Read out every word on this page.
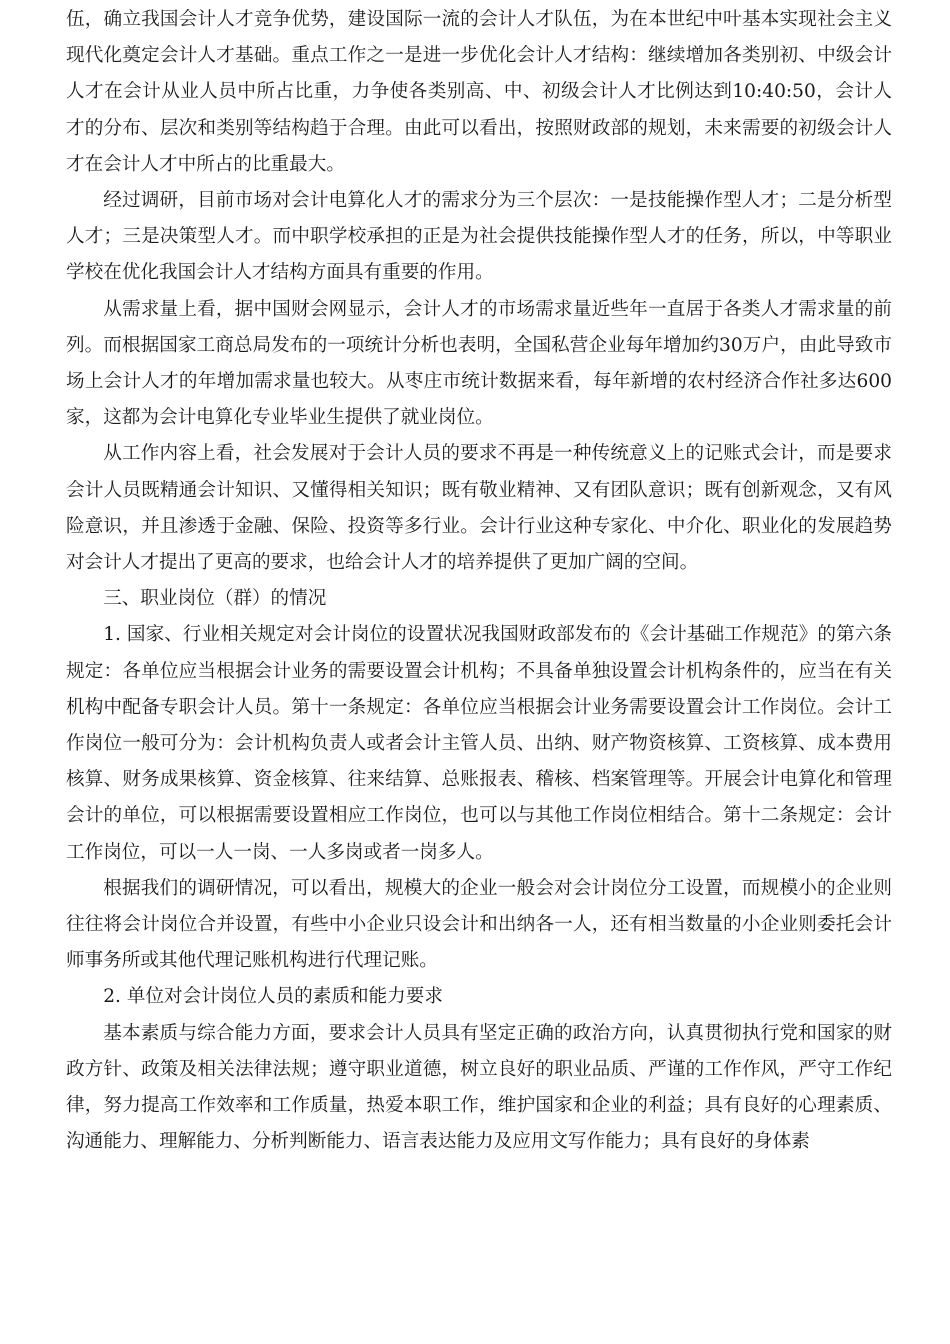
伍，确立我国会计人才竞争优势，建设国际一流的会计人才队伍，为在本世纪中叶基本实现社会主义现代化奠定会计人才基础。重点工作之一是进一步优化会计人才结构：继续增加各类别初、中级会计人才在会计从业人员中所占比重，力争使各类别高、中、初级会计人才比例达到10:40:50，会计人才的分布、层次和类别等结构趋于合理。由此可以看出，按照财政部的规划，未来需要的初级会计人才在会计人才中所占的比重最大。

经过调研，目前市场对会计电算化人才的需求分为三个层次：一是技能操作型人才；二是分析型人才；三是决策型人才。而中职学校承担的正是为社会提供技能操作型人才的任务，所以，中等职业学校在优化我国会计人才结构方面具有重要的作用。

从需求量上看，据中国财会网显示，会计人才的市场需求量近些年一直居于各类人才需求量的前列。而根据国家工商总局发布的一项统计分析也表明，全国私营企业每年增加约30万户，由此导致市场上会计人才的年增加需求量也较大。从枣庄市统计数据来看，每年新增的农村经济合作社多达600家，这都为会计电算化专业毕业生提供了就业岗位。

从工作内容上看，社会发展对于会计人员的要求不再是一种传统意义上的记账式会计，而是要求会计人员既精通会计知识、又懂得相关知识；既有敬业精神、又有团队意识；既有创新观念，又有风险意识，并且渗透于金融、保险、投资等多行业。会计行业这种专家化、中介化、职业化的发展趋势对会计人才提出了更高的要求，也给会计人才的培养提供了更加广阔的空间。

三、职业岗位（群）的情况

1. 国家、行业相关规定对会计岗位的设置状况我国财政部发布的《会计基础工作规范》的第六条规定：各单位应当根据会计业务的需要设置会计机构；不具备单独设置会计机构条件的，应当在有关机构中配备专职会计人员。第十一条规定：各单位应当根据会计业务需要设置会计工作岗位。会计工作岗位一般可分为：会计机构负责人或者会计主管人员、出纳、财产物资核算、工资核算、成本费用核算、财务成果核算、资金核算、往来结算、总账报表、稽核、档案管理等。开展会计电算化和管理会计的单位，可以根据需要设置相应工作岗位，也可以与其他工作岗位相结合。第十二条规定：会计工作岗位，可以一人一岗、一人多岗或者一岗多人。

根据我们的调研情况，可以看出，规模大的企业一般会对会计岗位分工设置，而规模小的企业则往往将会计岗位合并设置，有些中小企业只设会计和出纳各一人，还有相当数量的小企业则委托会计师事务所或其他代理记账机构进行代理记账。

2. 单位对会计岗位人员的素质和能力要求

基本素质与综合能力方面，要求会计人员具有坚定正确的政治方向，认真贯彻执行党和国家的财政方针、政策及相关法律法规；遵守职业道德，树立良好的职业品质、严谨的工作作风，严守工作纪律，努力提高工作效率和工作质量，热爱本职工作，维护国家和企业的利益；具有良好的心理素质、沟通能力、理解能力、分析判断能力、语言表达能力及应用文写作能力；具有良好的身体素
